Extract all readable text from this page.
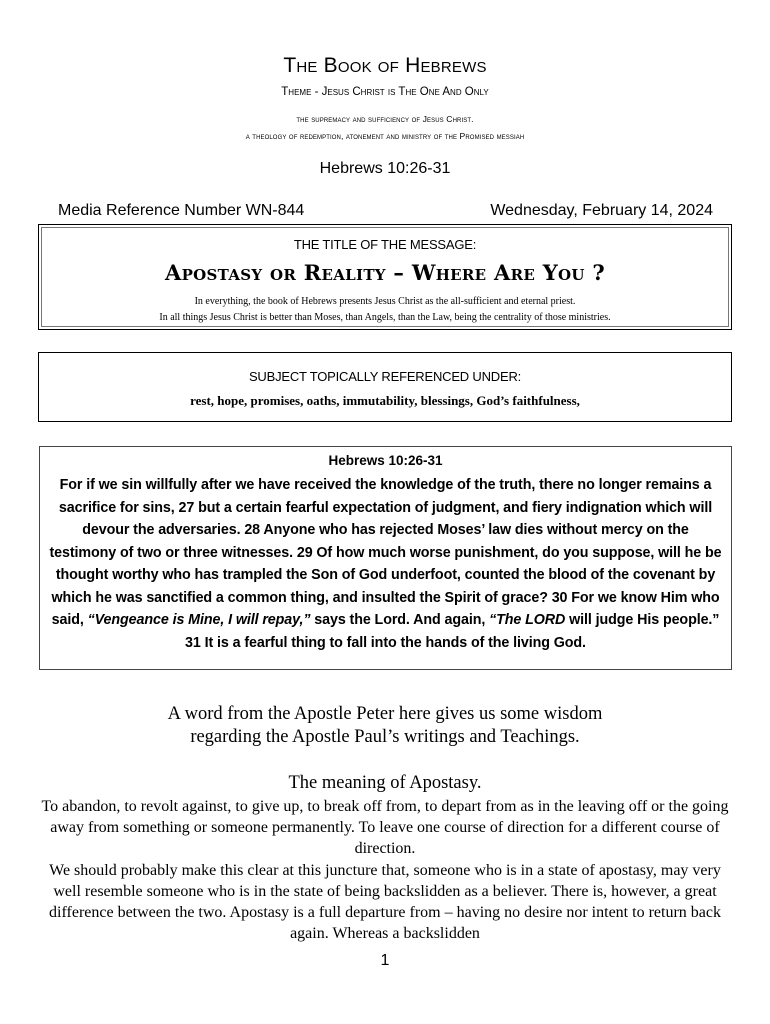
The Book of Hebrews
Theme - Jesus Christ is The One And Only
the supremacy and sufficiency of Jesus Christ.
a theology of redemption, atonement and ministry of the Promised messiah
Hebrews 10:26-31
Media Reference Number WN-844	Wednesday, February 14, 2024
THE TITLE OF THE MESSAGE:
Apostasy or Reality – Where Are You ?
In everything, the book of Hebrews presents Jesus Christ as the all-sufficient and eternal priest.
In all things Jesus Christ is better than Moses, than Angels, than the Law, being the centrality of those ministries.
SUBJECT TOPICALLY REFERENCED UNDER:
rest, hope, promises, oaths, immutability, blessings, God’s faithfulness,
Hebrews 10:26-31
For if we sin willfully after we have received the knowledge of the truth, there no longer remains a sacrifice for sins, 27 but a certain fearful expectation of judgment, and fiery indignation which will devour the adversaries. 28 Anyone who has rejected Moses’ law dies without mercy on the testimony of two or three witnesses. 29 Of how much worse punishment, do you suppose, will he be thought worthy who has trampled the Son of God underfoot, counted the blood of the covenant by which he was sanctified a common thing, and insulted the Spirit of grace? 30 For we know Him who said, “Vengeance is Mine, I will repay,” says the Lord. And again, “The LORD will judge His people.” 31 It is a fearful thing to fall into the hands of the living God.
A word from the Apostle Peter here gives us some wisdom
regarding the Apostle Paul’s writings and Teachings.
The meaning of Apostasy.
To abandon, to revolt against, to give up, to break off from, to depart from as in the leaving off or the going away from something or someone permanently. To leave one course of direction for a different course of direction.
We should probably make this clear at this juncture that, someone who is in a state of apostasy, may very well resemble someone who is in the state of being backslidden as a believer. There is, however, a great difference between the two. Apostasy is a full departure from – having no desire nor intent to return back again. Whereas a backslidden
1
